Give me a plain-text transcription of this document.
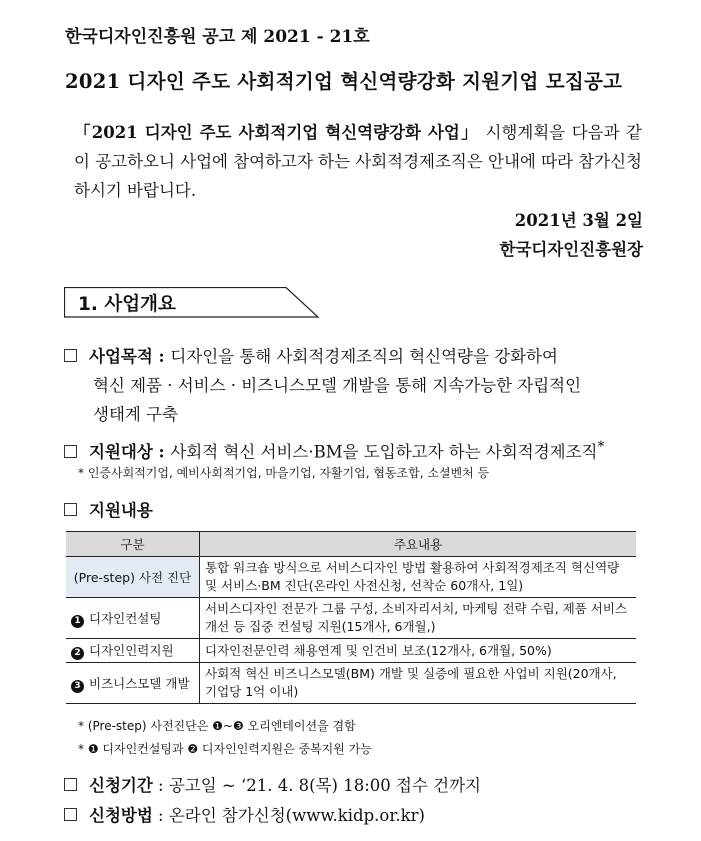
한국디자인진흥원 공고 제 2021 - 21호
2021 디자인 주도 사회적기업 혁신역량강화 지원기업 모집공고
「2021 디자인 주도 사회적기업 혁신역량강화 사업」 시행계획을 다음과 같이 공고하오니 사업에 참여하고자 하는 사회적경제조직은 안내에 따라 참가신청하시기 바랍니다.
2021년 3월 2일
한국디자인진흥원장
1. 사업개요
사업목적 : 디자인을 통해 사회적경제조직의 혁신역량을 강화하여
혁신 제품 · 서비스 · 비즈니스모델 개발을 통해 지속가능한 자립적인
생태계 구축
지원대상 : 사회적 혁신 서비스·BM을 도입하고자 하는 사회적경제조직*
* 인증사회적기업, 예비사회적기업, 마을기업, 자활기업, 협동조합, 소셜벤처 등
지원내용
구분	주요내용
(Pre-step) 사전 진단	통합 워크숍 방식으로 서비스디자인 방법 활용하여 사회적경제조직 혁신역량 및 서비스·BM 진단(온라인 사전신청, 선착순 60개사, 1일)
1 디자인컨설팅	서비스디자인 전문가 그룹 구성, 소비자리서치, 마케팅 전략 수립, 제품 서비스 개선 등 집중 컨설팅 지원(15개사, 6개월,)
2 디자인인력지원	디자인전문인력 채용연계 및 인건비 보조(12개사, 6개월, 50%)
3 비즈니스모델 개발	사회적 혁신 비즈니스모델(BM) 개발 및 실증에 필요한 사업비 지원(20개사, 기업당 1억 이내)
* (Pre-step) 사전진단은 ❶~❸ 오리엔테이션을 겸함
* ❶ 디자인컨설팅과 ❷ 디자인인력지원은 중복지원 가능
신청기간 : 공고일 ~ ‘21. 4. 8(목) 18:00 접수 건까지
신청방법 : 온라인 참가신청(www.kidp.or.kr)
